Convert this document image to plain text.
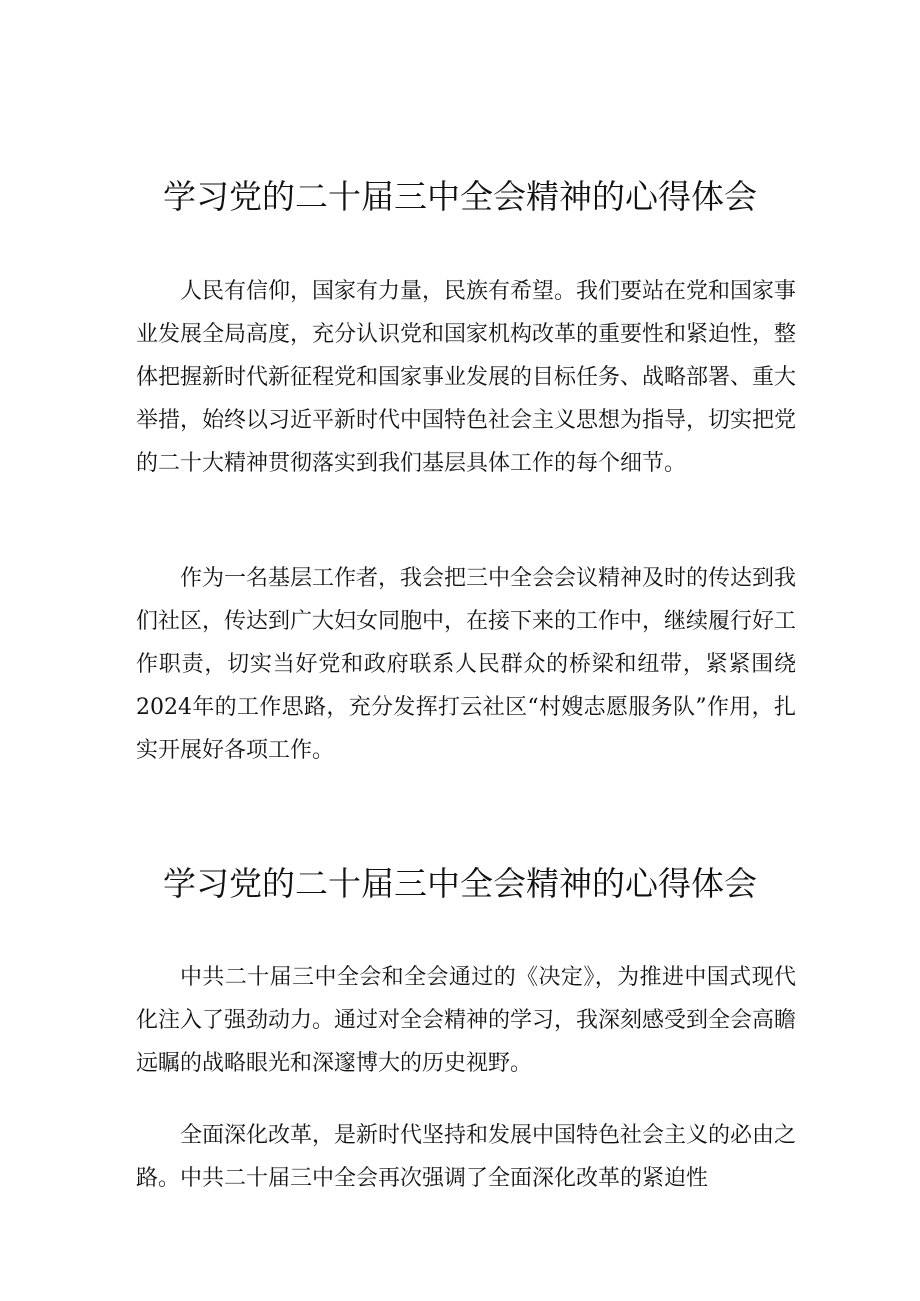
学习党的二十届三中全会精神的心得体会

人民有信仰，国家有力量，民族有希望。我们要站在党和国家事业发展全局高度，充分认识党和国家机构改革的重要性和紧迫性，整体把握新时代新征程党和国家事业发展的目标任务、战略部署、重大举措，始终以习近平新时代中国特色社会主义思想为指导，切实把党的二十大精神贯彻落实到我们基层具体工作的每个细节。

作为一名基层工作者，我会把三中全会会议精神及时的传达到我们社区，传达到广大妇女同胞中，在接下来的工作中，继续履行好工作职责，切实当好党和政府联系人民群众的桥梁和纽带，紧紧围绕2024年的工作思路，充分发挥打云社区“村嫂志愿服务队”作用，扎实开展好各项工作。

学习党的二十届三中全会精神的心得体会

中共二十届三中全会和全会通过的《决定》，为推进中国式现代化注入了强劲动力。通过对全会精神的学习，我深刻感受到全会高瞻远瞩的战略眼光和深邃博大的历史视野。

全面深化改革，是新时代坚持和发展中国特色社会主义的必由之路。中共二十届三中全会再次强调了全面深化改革的紧迫性
